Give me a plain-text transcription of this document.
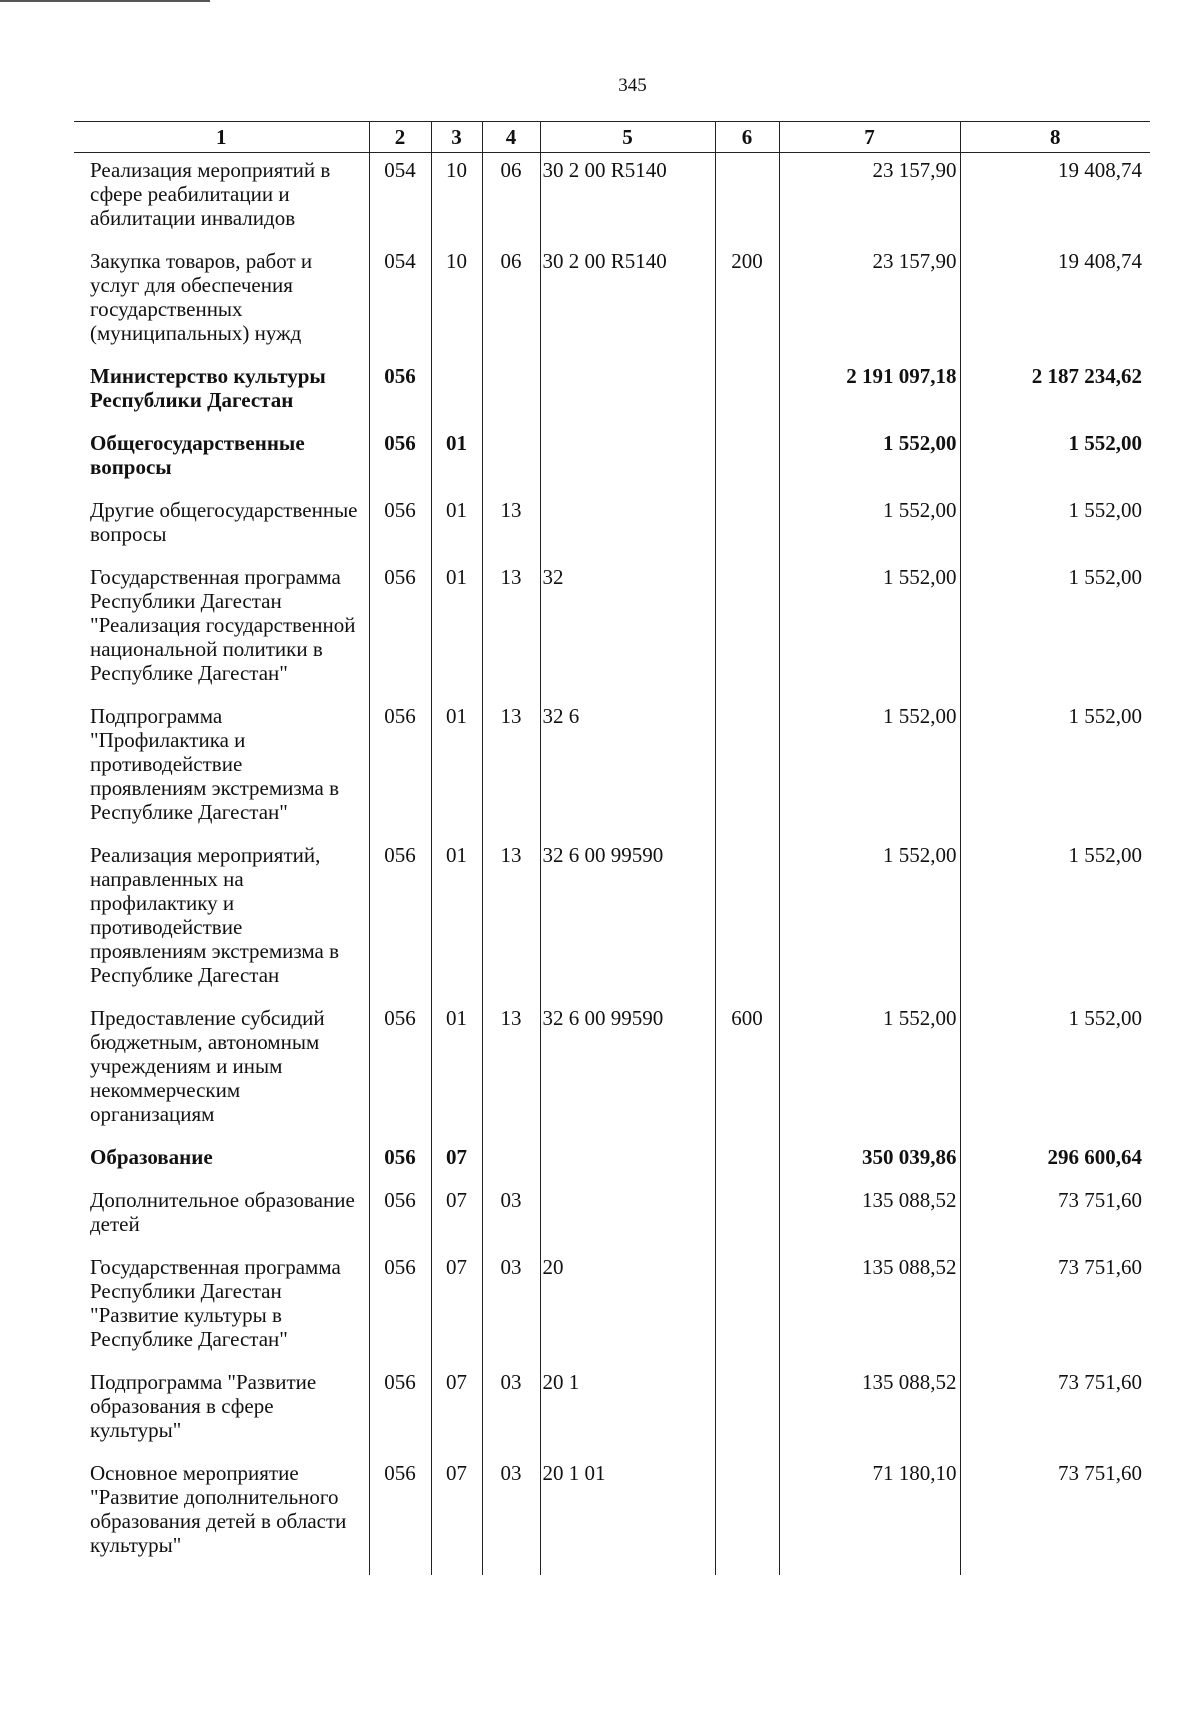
345
1	2	3	4	5	6	7	8
Реализация мероприятий в сфере реабилитации и абилитации инвалидов	054	10	06	30 2 00 R5140		23 157,90	19 408,74
Закупка товаров, работ и услуг для обеспечения государственных (муниципальных) нужд	054	10	06	30 2 00 R5140	200	23 157,90	19 408,74
Министерство культуры Республики Дагестан	056					2 191 097,18	2 187 234,62
Общегосударственные вопросы	056	01				1 552,00	1 552,00
Другие общегосударственные вопросы	056	01	13			1 552,00	1 552,00
Государственная программа Республики Дагестан "Реализация государственной национальной политики в Республике Дагестан"	056	01	13	32		1 552,00	1 552,00
Подпрограмма "Профилактика и противодействие проявлениям экстремизма в Республике Дагестан"	056	01	13	32 6		1 552,00	1 552,00
Реализация мероприятий, направленных на профилактику и противодействие проявлениям экстремизма в Республике Дагестан	056	01	13	32 6 00 99590		1 552,00	1 552,00
Предоставление субсидий бюджетным, автономным учреждениям и иным некоммерческим организациям	056	01	13	32 6 00 99590	600	1 552,00	1 552,00
Образование	056	07				350 039,86	296 600,64
Дополнительное образование детей	056	07	03			135 088,52	73 751,60
Государственная программа Республики Дагестан "Развитие культуры в Республике Дагестан"	056	07	03	20		135 088,52	73 751,60
Подпрограмма "Развитие образования в сфере культуры"	056	07	03	20 1		135 088,52	73 751,60
Основное мероприятие "Развитие дополнительного образования детей в области культуры"	056	07	03	20 1 01		71 180,10	73 751,60
